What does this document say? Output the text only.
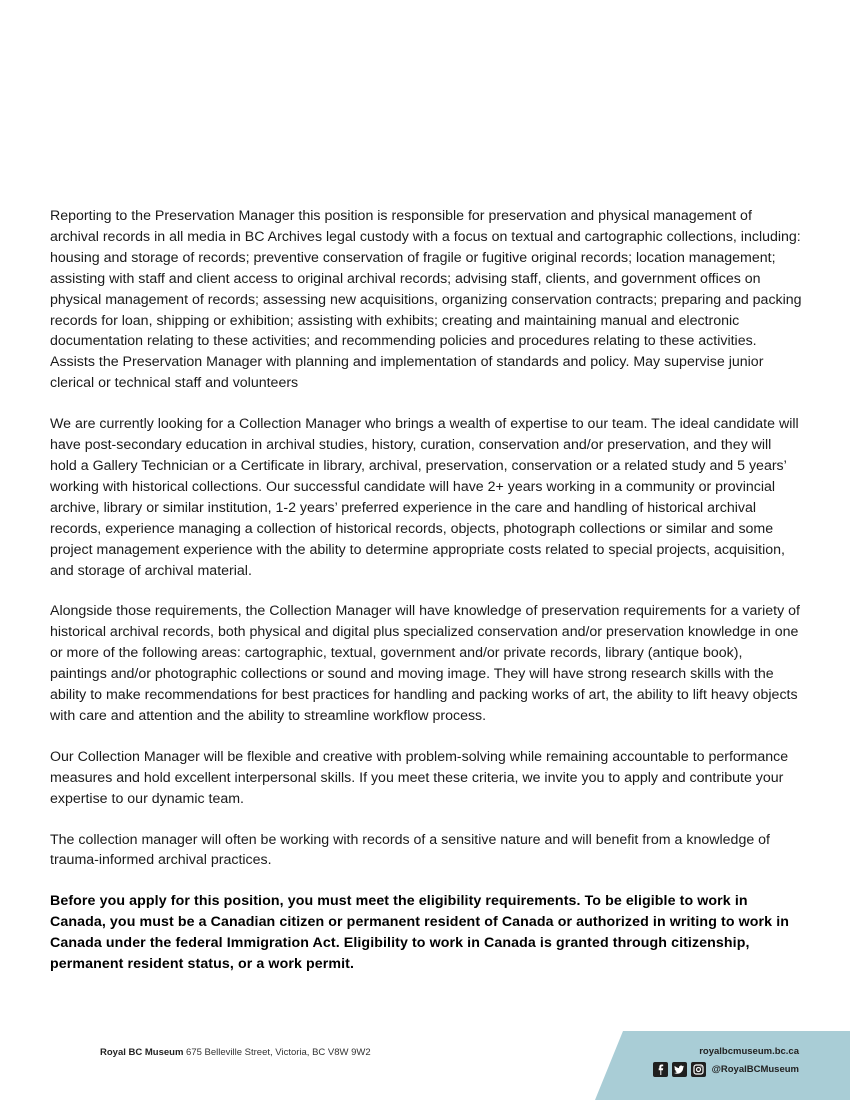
Reporting to the Preservation Manager this position is responsible for preservation and physical management of archival records in all media in BC Archives legal custody with a focus on textual and cartographic collections, including: housing and storage of records; preventive conservation of fragile or fugitive original records; location management; assisting with staff and client access to original archival records; advising staff, clients, and government offices on physical management of records; assessing new acquisitions, organizing conservation contracts; preparing and packing records for loan, shipping or exhibition; assisting with exhibits; creating and maintaining manual and electronic documentation relating to these activities; and recommending policies and procedures relating to these activities. Assists the Preservation Manager with planning and implementation of standards and policy. May supervise junior clerical or technical staff and volunteers

We are currently looking for a Collection Manager who brings a wealth of expertise to our team. The ideal candidate will have post-secondary education in archival studies, history, curation, conservation and/or preservation, and they will hold a Gallery Technician or a Certificate in library, archival, preservation, conservation or a related study and 5 years’ working with historical collections. Our successful candidate will have 2+ years working in a community or provincial archive, library or similar institution, 1-2 years’ preferred experience in the care and handling of historical archival records, experience managing a collection of historical records, objects, photograph collections or similar and some project management experience with the ability to determine appropriate costs related to special projects, acquisition, and storage of archival material.

Alongside those requirements, the Collection Manager will have knowledge of preservation requirements for a variety of historical archival records, both physical and digital plus specialized conservation and/or preservation knowledge in one or more of the following areas: cartographic, textual, government and/or private records, library (antique book), paintings and/or photographic collections or sound and moving image. They will have strong research skills with the ability to make recommendations for best practices for handling and packing works of art, the ability to lift heavy objects with care and attention and the ability to streamline workflow process.

Our Collection Manager will be flexible and creative with problem-solving while remaining accountable to performance measures and hold excellent interpersonal skills. If you meet these criteria, we invite you to apply and contribute your expertise to our dynamic team.

The collection manager will often be working with records of a sensitive nature and will benefit from a knowledge of trauma-informed archival practices.

Before you apply for this position, you must meet the eligibility requirements. To be eligible to work in Canada, you must be a Canadian citizen or permanent resident of Canada or authorized in writing to work in Canada under the federal Immigration Act. Eligibility to work in Canada is granted through citizenship, permanent resident status, or a work permit.

Royal BC Museum 675 Belleville Street, Victoria, BC V8W 9W2	royalbcmuseum.bc.ca
@RoyalBCMuseum
